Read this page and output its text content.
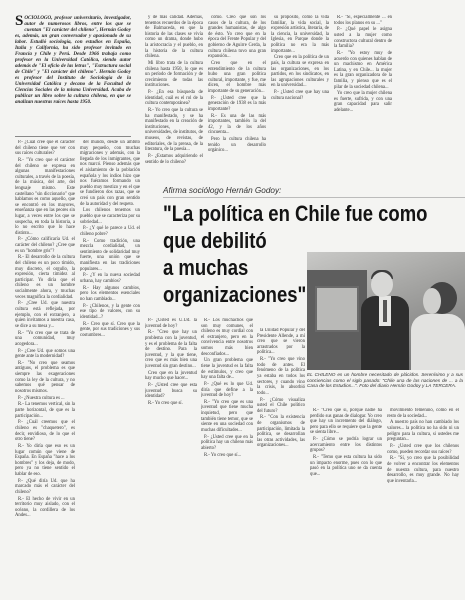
SOCIÓLOGO, profesor universitario, investigador, autor de numerosos libros, entre los que se cuentan "El carácter del chileno", Hernán Godoy es, además, un gran conversador y apasionado de su labor. Estudió sociología, con estudios en España, Italia y California, ha sido profesor invitado en Francia y Chile y Perú. Desde 1966 trabaja como profesor en la Universidad Católica, siendo autor además de "El oficio de las letras", "Estructura social de Chile" y "El carácter del chileno". Hernán Godoy es profesor del Instituto de Sociología de la Universidad Católica y decano de la Facultad de Ciencias Sociales de la misma Universidad. Acaba de publicar un libro sobre la cultura chilena, en que se analizan nuestras raíces hasta 1950.

P.- ¿Cuál cree que el carácter del chileno tiene que ver con sus raíces culturales?

R.- "Yo creo que el carácter del chileno se expresa en algunas manifestaciones culturales, a través de la poesía, de la música, del arte, del lenguaje mismo. Este castellano "sin diccionario" que hablamos es como aquello, que se encontró en los mayores, enseñanza que en las peores sin lugar, a veces entre los que se sospecha, en toda la historia, a lo no escrito que lo hace distinto...

P.- ¿Cómo calificaría Ud. el carácter del chileno? ¿Cree que es un "hombre gris"?

R.- El desarrollo de la cultura del chileno es un poco tímido, muy discreto, el orgullo, la expresión, cierta timidez al participar. Yo diría que el chileno es un hombre socialmente ahora, y muchas veces magnifica la cordialidad.

P.- ¿Cree Ud. que nuestra cultura está reflejada, por ejemplo, con el extranjero, a quien invitamos a nuestra casa, se dice a su mesa y...

R.- "Yo creo que se trata de una comunidad, muy acogedora...

P.- ¿Cree Ud. que somos una gente ante la modernidad?

R.- "No creo que seamos antiguos, el problema es que siempre las exageraciones como la ley de la cultura, y no sabemos qué pensar de nosotros mismos.

P.- ¿Nuestra cultura es ...

R.- La tenemos vertical, sin la parte horizontal, de que es la participación...

P.- ¿Cuál creemos que el chileno es "chaquetero", es decir, envidioso, de lo que el otro tiene?

R.- Yo diría que eso es un lugar común que viene de España. En España "hace a los hombres" y los deja, de modo, pero ya no tiene sentido el hablar de eso.

P.- ¿Qué diría Ud. que ha marcado más el carácter del chileno?

R.- El hecho de vivir en un territorio muy aislado, con el océano, la cordillera de los Andes...

del mundo, desde un ámbito muy pequeño, con muchas migraciones y además, con la llegada de los inmigrantes, que nos marcó. Pienso además que el aislamiento de la población española y los indios hizo que nos fuéramos formando un pueblo muy mestizo y en el que se fundieron dos razas, que se creó un país con gran sentido de la autoridad y del respeto.

Los chilenos tenemos un pueblo que se caracteriza por su sobriedad...

P.- ¿Y qué le parece a Ud. el chileno pobre?

R.- Como tradición, una mezcla cordialidad, un sentimiento de solidaridad muy fuerte, una unión que se manifiesta en las tradiciones populares...

P.- ¿Y en la nueva sociedad urbana, hay cambios?

R.- Hay algunos cambios, pero los elementos esenciales no han cambiado...

P.- ¿Chilenos, y la gente con ese tipo de valores, con su identidad...?

R.- Creo que sí. Creo que la gente, por sus tradiciones y sus costumbres...

y de más calidad. Además, tenemos recuerdos de la época de Balmaceda, en que la historia de las clases se vivía como un drama, donde hubo la aristocracia y el pueblo, en la historia de la cultura chilena.

Mi libro trata de la cultura chilena hasta 1950, lo que es un período de formación y de crecimiento de todas las instituciones.

P.- ¿En esa búsqueda de identidad, cuál es el rol de la cultura contemporánea?

R.- Yo creo que la cultura se ha manifestado, y se ha manifestado en la creación de instituciones, de universidades, de institutos, de museos, de revistas, de editoriales, de la prensa, de la literatura, de la poesía...

P.- ¿Estamos adquiriendo el sentido de lo chileno?

cómo. Creo que son los casos de la cultura, de los grandes humanistas, de algo de ésto. Yo creo que en la época del Frente Popular y del gobierno de Aguirre Cerda, la cultura chilena tuvo una gran expansión...

Creo que en el entendimiento de la cultura hubo una gran política cultural, importante, y fue, me dicen, el hombre más importante de su generación...

P.- ¿Usted cree que la generación de 1938 es la más importante?

R.- Es una de las más importantes, también la del 42, y la de los años cincuenta...

Pero la cultura chilena ha tenido un desarrollo orgánico...

su propósito, como la vida familiar, la vida social, la expresión artística, literaria, de la ciencia, la universidad, la Iglesia, en Parque donde la política no era la más importante...

Creo que en la política de un país, la cultura se expresa en las organizaciones, en los partidos, en los sindicatos, en las agrupaciones culturales y en la universidad...

P.- ¿Usted cree que hay una cultura nacional?

R.- "Sí, especialmente ... en todos los planos en su ..."

P.- ¿Qué papel le asigna usted a la mujer como constructora cultural dentro de la familia?

R.- "Yo estoy muy de acuerdo con quienes hablan de un machismo en América Latina, y en Chile... la mujer es la gran organizadora de la familia, y pienso que es el pilar de la sociedad chilena...

Yo creo que la mujer chilena es fuerte, sufrida, y con una gran capacidad para salir adelante...

Afirma sociólogo Hernán Godoy:
"La política en Chile fue como
que debilitó
a muchas
organizaciones"

P.- ¿Usted es U.Ud. la juventud de hoy?

R.- "Creo que hay un problema con la juventud, y es el problema de la falta de destino. Para la juventud, y la que tiene, creo que es más bien una juventud sin gran destino...

Creo que en la juventud hay mucho que hacer...

P.- ¿Usted cree que esta juventud busca su identidad?

R.- Yo creo que sí.

R.- Los muchachos que son muy comunes, el chileno es muy cordial con el extranjero, pero en la convivencia entre nosotros somos más bien desconfiados...

Un gran problema que tiene la juventud es la falta de estímulos, y creo que hay una falta de...

P.- ¿Qué es lo que Ud. diría que define a la juventud de hoy?

R.- "Yo creo que es una juventud que tiene mucha inquietud, pero que también tiene temor, que se siente en una sociedad con muchas dificultades...

P.- ¿Usted cree que en la política hay un chileno más abierto?

R.- Yo creo que sí...

la Unidad Popular y del Presidente Allende, a mí creo que se vieron arrastrados por la política...

R.- "Yo creo que vino todo de antes. El fenómeno de la política ya estaba en todos los sectores, y cuando vino la crisis, lo absorbió todo...

P.- ¿Cómo visualiza usted el Chile político del futuro?

R.- "Con la existencia de organismos de participación, limitada la política, se desarrollan las otras actividades, las organizaciones...

EL CHILENO es un hombre necesitado de plácidos. Serenísimo y a sus conciencias como el siglo pasado: "Chile una de las naciones de ... a la Casa de los Estudios...". Foto del diario Hernán Godoy y LA TERCERA.

R.- "Creo que sí, porque nadie ha perdido sus ganas de dialogar. Yo creo que hay un incremento del diálogo, pero para ello se requiere que la gente se sienta libre...

P.- ¿Cómo se podría lograr un acercamiento entre los distintos grupos?

R.- "Temo que esta cultura ha sido un impacto enorme, pues con lo que pasó en la política uno se da cuenta que...

movimiento femenino, como en el resto de la sociedad...

A nuestro país no han cambiado los valores... la política no ha sido ni un peligro para la cultura, si ustedes me preguntan...

P.- ¿Usted cree que los chilenos como, pueden recordar sus raíces?

R.- "Sí, yo creo que la posibilidad de volver a encontrar los elementos de nuestra cultura, para nuestro desarrollo, es muy grande. No hay que inventarla...
